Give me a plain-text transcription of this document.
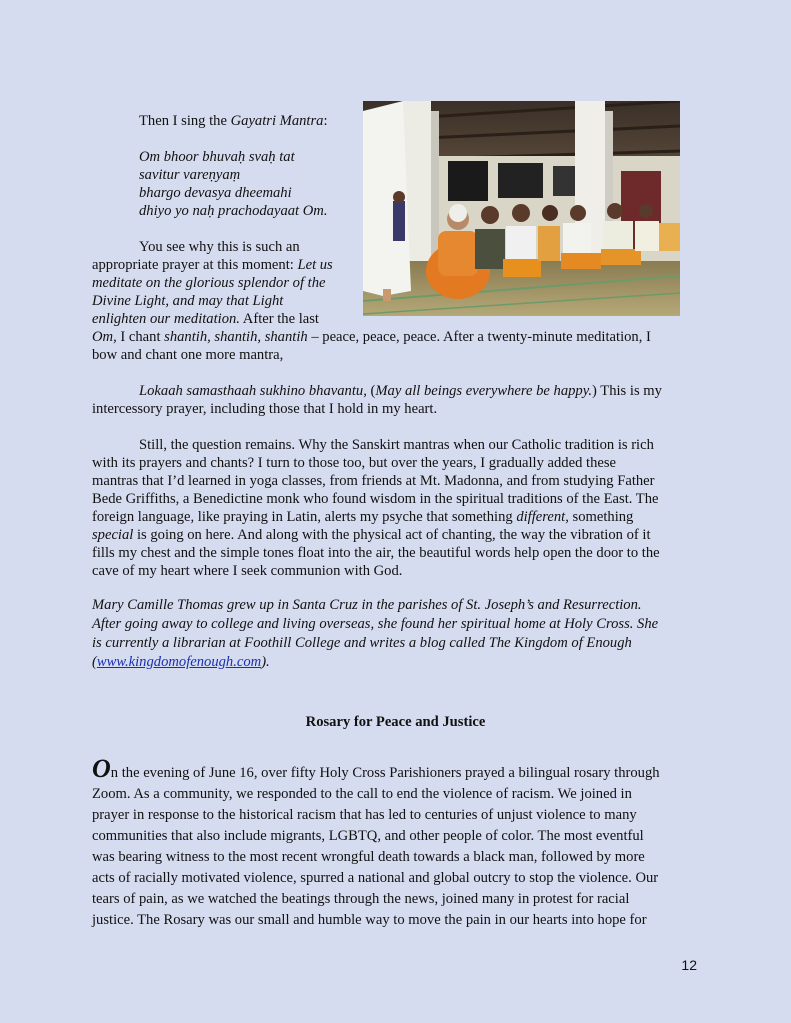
Then I sing the Gayatri Mantra:

Om bhoor bhuvaḥ svaḥ tat

savitur vareṇyaṃ

bhargo devasya dheemahi

dhiyo yo naḥ prachodayaat Om.

You see why this is such an

appropriate prayer at this moment: Let us

meditate on the glorious splendor of the

Divine Light, and may that Light

enlighten our meditation. After the last

Om, I chant shantih, shantih, shantih – peace, peace, peace. After a twenty-minute meditation, I

bow and chant one more mantra,

Lokaah samasthaah sukhino bhavantu, (May all beings everywhere be happy.) This is my

intercessory prayer, including those that I hold in my heart.

Still, the question remains. Why the Sanskirt mantras when our Catholic tradition is rich

with its prayers and chants? I turn to those too, but over the years, I gradually added these

mantras that I’d learned in yoga classes, from friends at Mt. Madonna, and from studying Father

Bede Griffiths, a Benedictine monk who found wisdom in the spiritual traditions of the East. The

foreign language, like praying in Latin, alerts my psyche that something different, something

special is going on here. And along with the physical act of chanting, the way the vibration of it

fills my chest and the simple tones float into the air, the beautiful words help open the door to the

cave of my heart where I seek communion with God.

Mary Camille Thomas grew up in Santa Cruz in the parishes of St. Joseph’s and Resurrection.

After going away to college and living overseas, she found her spiritual home at Holy Cross. She

is currently a librarian at Foothill College and writes a blog called The Kingdom of Enough

(www.kingdomofenough.com).

Rosary for Peace and Justice

On the evening of June 16, over fifty Holy Cross Parishioners prayed a bilingual rosary through

Zoom. As a community, we responded to the call to end the violence of racism. We joined in

prayer in response to the historical racism that has led to centuries of unjust violence to many

communities that also include migrants, LGBTQ, and other people of color. The most eventful

was bearing witness to the most recent wrongful death towards a black man, followed by more

acts of racially motivated violence, spurred a national and global outcry to stop the violence. Our

tears of pain, as we watched the beatings through the news, joined many in protest for racial

justice. The Rosary was our small and humble way to move the pain in our hearts into hope for

12
